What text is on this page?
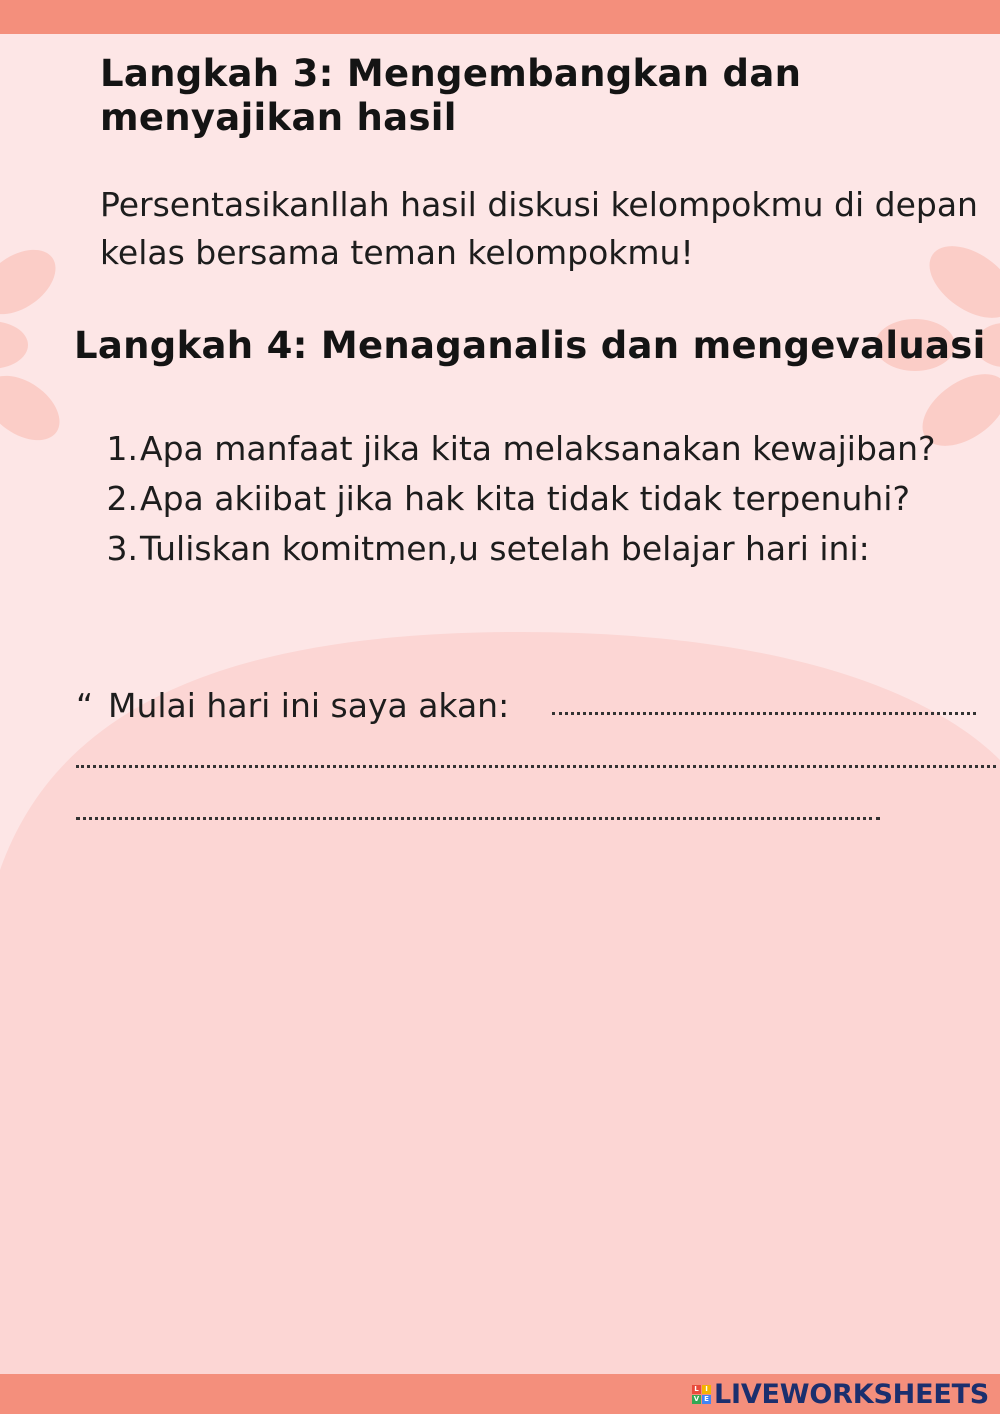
Langkah 3: Mengembangkan dan menyajikan hasil

Persentasikanllah hasil diskusi kelompokmu di depan kelas bersama teman kelompokmu!

Langkah 4: Menaganalis dan mengevaluasi
1. Apa manfaat jika kita melaksanakan kewajiban?
2. Apa akiibat jika hak kita tidak tidak terpenuhi?
3. Tuliskan komitmen,u setelah belajar hari ini:
“ Mulai hari ini saya akan:
L I
V E LIVEWORKSHEETS
